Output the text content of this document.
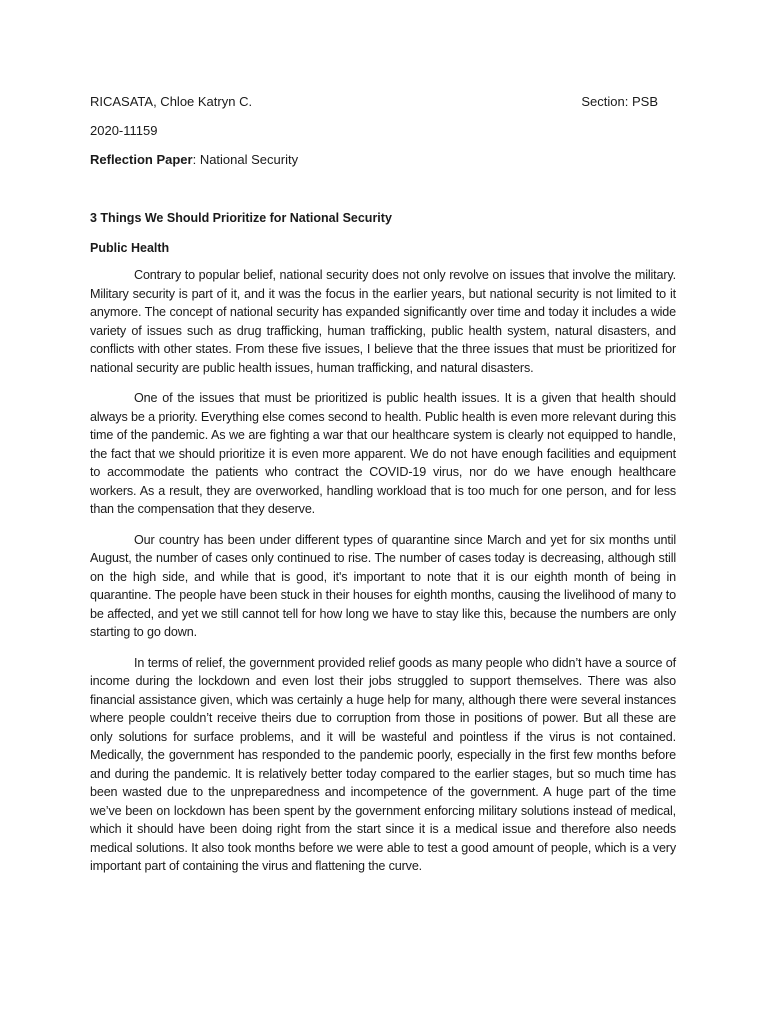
RICASATA, Chloe Katryn C.	Section: PSB
2020-11159
Reflection Paper: National Security
3 Things We Should Prioritize for National Security
Public Health

Contrary to popular belief, national security does not only revolve on issues that involve the military. Military security is part of it, and it was the focus in the earlier years, but national security is not limited to it anymore. The concept of national security has expanded significantly over time and today it includes a wide variety of issues such as drug trafficking, human trafficking, public health system, natural disasters, and conflicts with other states. From these five issues, I believe that the three issues that must be prioritized for national security are public health issues, human trafficking, and natural disasters.

One of the issues that must be prioritized is public health issues. It is a given that health should always be a priority. Everything else comes second to health. Public health is even more relevant during this time of the pandemic. As we are fighting a war that our healthcare system is clearly not equipped to handle, the fact that we should prioritize it is even more apparent. We do not have enough facilities and equipment to accommodate the patients who contract the COVID-19 virus, nor do we have enough healthcare workers. As a result, they are overworked, handling workload that is too much for one person, and for less than the compensation that they deserve.

Our country has been under different types of quarantine since March and yet for six months until August, the number of cases only continued to rise. The number of cases today is decreasing, although still on the high side, and while that is good, it's important to note that it is our eighth month of being in quarantine. The people have been stuck in their houses for eighth months, causing the livelihood of many to be affected, and yet we still cannot tell for how long we have to stay like this, because the numbers are only starting to go down.

In terms of relief, the government provided relief goods as many people who didn’t have a source of income during the lockdown and even lost their jobs struggled to support themselves. There was also financial assistance given, which was certainly a huge help for many, although there were several instances where people couldn’t receive theirs due to corruption from those in positions of power. But all these are only solutions for surface problems, and it will be wasteful and pointless if the virus is not contained. Medically, the government has responded to the pandemic poorly, especially in the first few months before and during the pandemic. It is relatively better today compared to the earlier stages, but so much time has been wasted due to the unpreparedness and incompetence of the government. A huge part of the time we’ve been on lockdown has been spent by the government enforcing military solutions instead of medical, which it should have been doing right from the start since it is a medical issue and therefore also needs medical solutions. It also took months before we were able to test a good amount of people, which is a very important part of containing the virus and flattening the curve.
